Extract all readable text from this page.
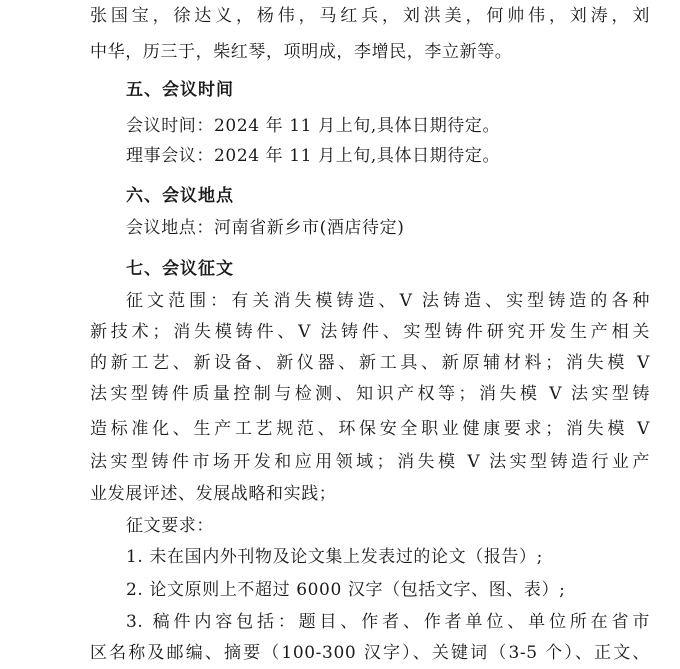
张国宝，徐达义，杨伟，马红兵，刘洪美，何帅伟，刘涛，刘
中华，历三于，柴红琴，项明成，李增民，李立新等。
五、会议时间
会议时间：2024 年 11 月上旬,具体日期待定。
理事会议：2024 年 11 月上旬,具体日期待定。
六、会议地点
会议地点：河南省新乡市(酒店待定)
七、会议征文
征文范围：有关消失模铸造、V 法铸造、实型铸造的各种
新技术；消失模铸件、V 法铸件、实型铸件研究开发生产相关
的新工艺、新设备、新仪器、新工具、新原辅材料；消失模 V
法实型铸件质量控制与检测、知识产权等；消失模 V 法实型铸
造标准化、生产工艺规范、环保安全职业健康要求；消失模 V
法实型铸件市场开发和应用领域；消失模 V 法实型铸造行业产
业发展评述、发展战略和实践；
征文要求：
1. 未在国内外刊物及论文集上发表过的论文（报告）;
2. 论文原则上不超过 6000 汉字（包括文字、图、表）;
3. 稿件内容包括：题目、作者、作者单位、单位所在省市
区名称及邮编、摘要（100-300 汉字）、关键词（3-5 个）、正文、
